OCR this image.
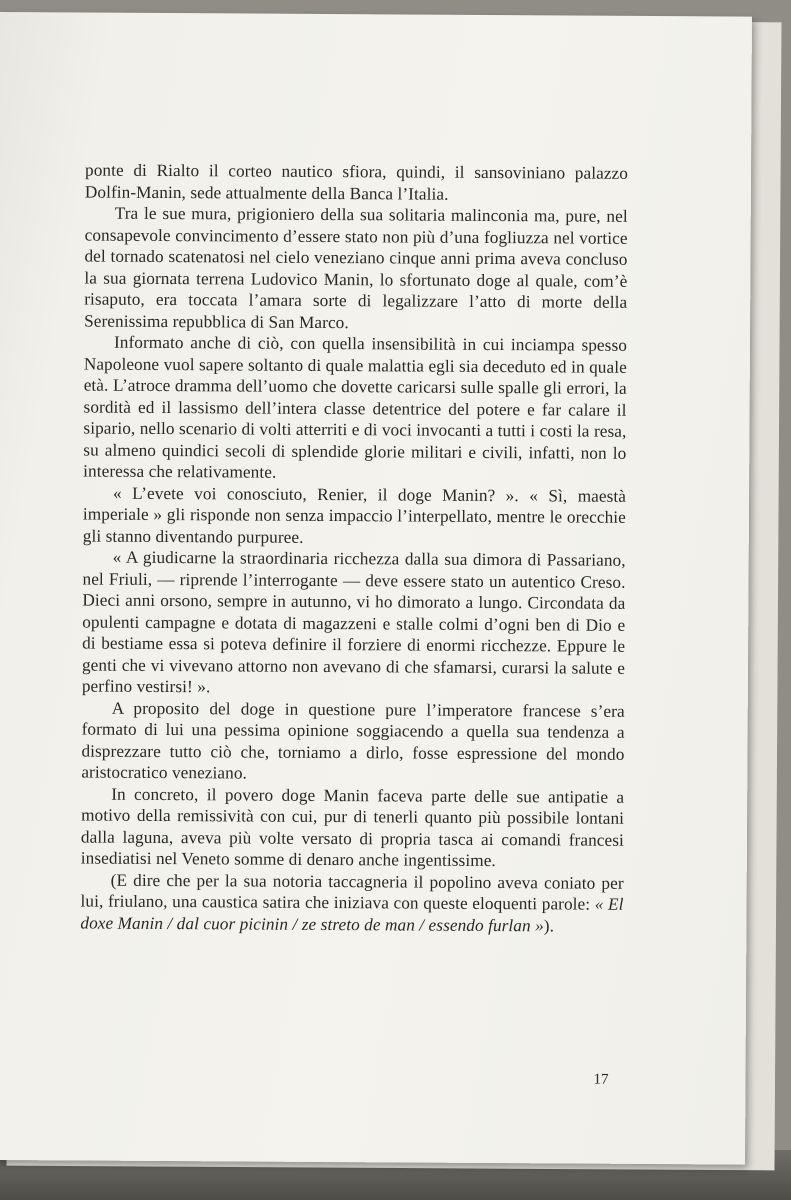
ponte di Rialto il corteo nautico sfiora, quindi, il sansoviniano palazzo Dolfin-Manin, sede attualmente della Banca l’Italia.

Tra le sue mura, prigioniero della sua solitaria malinconia ma, pure, nel consapevole convincimento d’essere stato non più d’una fogliuzza nel vortice del tornado scatenatosi nel cielo veneziano cinque anni prima aveva concluso la sua giornata terrena Ludovico Manin, lo sfortunato doge al quale, com’è risaputo, era toccata l’amara sorte di legalizzare l’atto di morte della Serenissima repubblica di San Marco.

Informato anche di ciò, con quella insensibilità in cui inciampa spesso Napoleone vuol sapere soltanto di quale malattia egli sia deceduto ed in quale età. L’atroce dramma dell’uomo che dovette caricarsi sulle spalle gli errori, la sordità ed il lassismo dell’intera classe detentrice del potere e far calare il sipario, nello scenario di volti atterriti e di voci invocanti a tutti i costi la resa, su almeno quindici secoli di splendide glorie militari e civili, infatti, non lo interessa che relativamente.

« L’evete voi conosciuto, Renier, il doge Manin? ». « Sì, maestà imperiale » gli risponde non senza impaccio l’interpellato, mentre le orecchie gli stanno diventando purpuree.

« A giudicarne la straordinaria ricchezza dalla sua dimora di Passariano, nel Friuli, — riprende l’interrogante — deve essere stato un autentico Creso. Dieci anni orsono, sempre in autunno, vi ho dimorato a lungo. Circondata da opulenti campagne e dotata di magazzeni e stalle colmi d’ogni ben di Dio e di bestiame essa si poteva definire il forziere di enormi ricchezze. Eppure le genti che vi vivevano attorno non avevano di che sfamarsi, curarsi la salute e perfino vestirsi! ».

A proposito del doge in questione pure l’imperatore francese s’era formato di lui una pessima opinione soggiacendo a quella sua tendenza a disprezzare tutto ciò che, torniamo a dirlo, fosse espressione del mondo aristocratico veneziano.

In concreto, il povero doge Manin faceva parte delle sue antipatie a motivo della remissività con cui, pur di tenerli quanto più possibile lontani dalla laguna, aveva più volte versato di propria tasca ai comandi francesi insediatisi nel Veneto somme di denaro anche ingentissime.

(E dire che per la sua notoria taccagneria il popolino aveva coniato per lui, friulano, una caustica satira che iniziava con queste eloquenti parole: « El doxe Manin / dal cuor picinin / ze streto de man / essendo furlan »).

17
